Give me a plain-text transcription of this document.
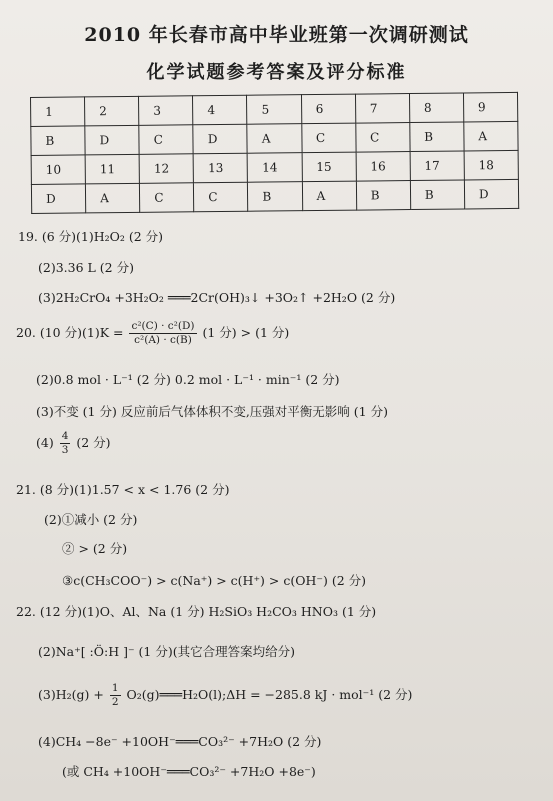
2010 年长春市高中毕业班第一次调研测试
化学试题参考答案及评分标准
1	2	3	4	5	6	7	8	9
B	D	C	D	A	C	C	B	A
10	11	12	13	14	15	16	17	18
D	A	C	C	B	A	B	B	D
19. (6 分)(1)H₂O₂ (2 分)
(2)3.36 L (2 分)
(3)2H₂CrO₄ +3H₂O₂ ═══2Cr(OH)₃↓ +3O₂↑ +2H₂O (2 分)
20. (10 分)$(1)K = \frac{\text{c²(C) · c²(D)}}{\text{c²(A) · c(B)}} (1$ 分) > (1 分)
(2)0.8 mol · L⁻¹ (2 分) 0.2 mol · L⁻¹ · min⁻¹ (2 分)
(3)不变 (1 分) 反应前后气体体积不变,压强对平衡无影响 (1 分)
$(4) \frac{4}{3} (2$ 分)
21. (8 分)(1)1.57 < x < 1.76 (2 分)
(2)①减小 (2 分)
② > (2 分)
③c(CH₃COO⁻) > c(Na⁺) > c(H⁺) > c(OH⁻) (2 分)
22. (12 分)(1)O、Al、Na (1 分) H₂SiO₃ H₂CO₃ HNO₃ (1 分)
(2)Na⁺[ :Ö:H ]⁻ (1 分)(其它合理答案均给分)
$(3)H_2(g) + \frac{1}{2}$ O₂(g)═══H₂O(l);ΔH = −285.8 kJ · mol⁻¹ (2 分)
(4)CH₄ −8e⁻ +10OH⁻═══CO₃²⁻ +7H₂O (2 分)
(或 CH₄ +10OH⁻═══CO₃²⁻ +7H₂O +8e⁻)
